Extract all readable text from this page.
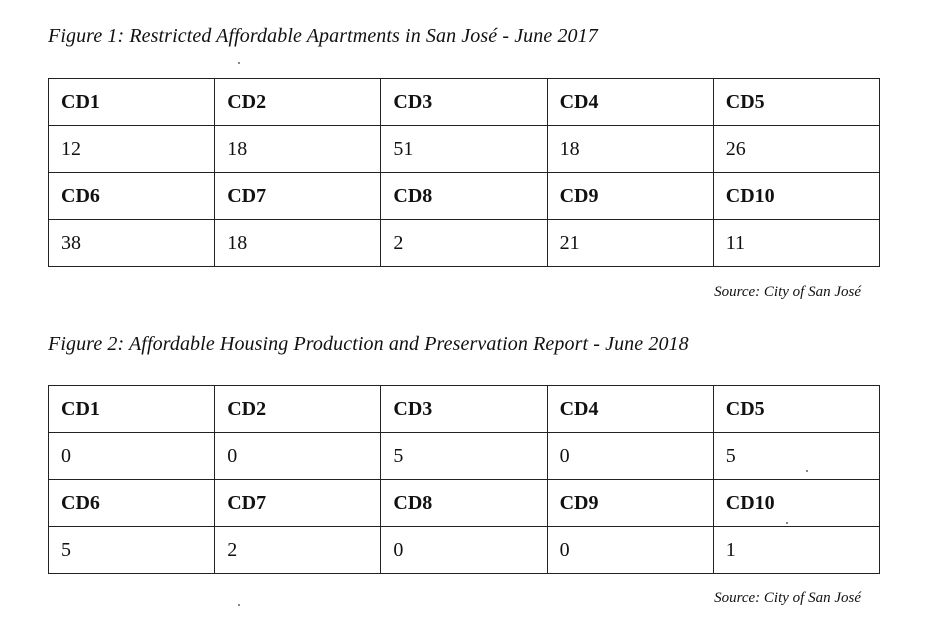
Figure 1: Restricted Affordable Apartments in San José - June 2017
CD1	CD2	CD3	CD4	CD5
12	18	51	18	26
CD6	CD7	CD8	CD9	CD10
38	18	2	21	11
Source: City of San José
Figure 2: Affordable Housing Production and Preservation Report - June 2018
CD1	CD2	CD3	CD4	CD5
0	0	5	0	5
CD6	CD7	CD8	CD9	CD10
5	2	0	0	1
Source: City of San José
